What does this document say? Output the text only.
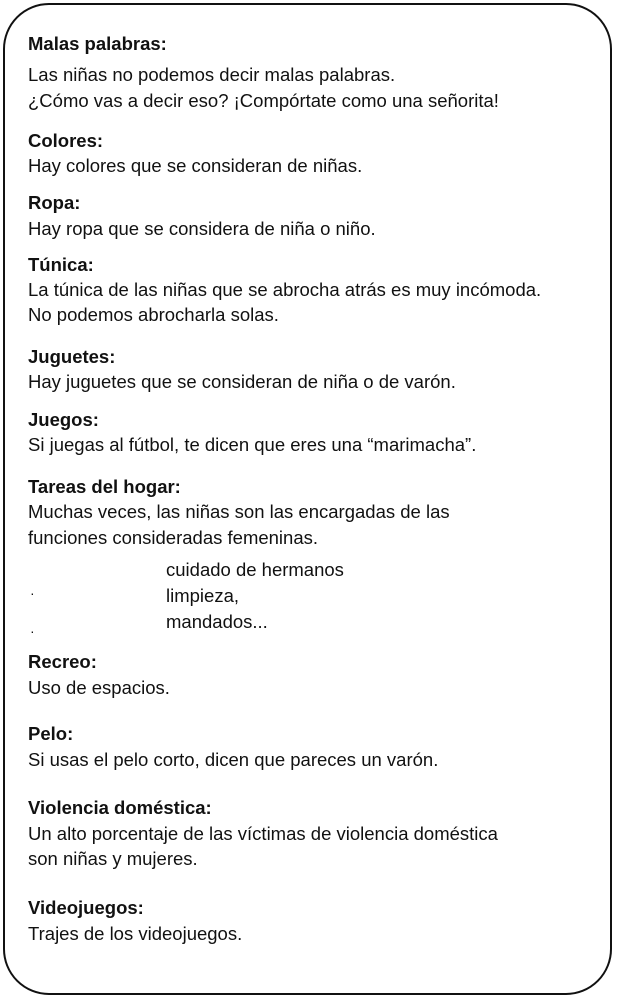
Malas palabras:
Las niñas no podemos decir malas palabras.
¿Cómo vas a decir eso? ¡Compórtate como una señorita!
Colores:
Hay colores que se consideran de niñas.
Ropa:
Hay ropa que se considera de niña o niño.
Túnica:
La túnica de las niñas que se abrocha atrás es muy incómoda.
No podemos abrocharla solas.
Juguetes:
Hay juguetes que se consideran de niña o de varón.
Juegos:
Si juegas al fútbol, te dicen que eres una “marimacha”.
Tareas del hogar:
Muchas veces, las niñas son las encargadas de las
funciones consideradas femeninas.
cuidado de hermanos
limpieza,
mandados...
·
·
Recreo:
Uso de espacios.
Pelo:
Si usas el pelo corto, dicen que pareces un varón.
Violencia doméstica:
Un alto porcentaje de las víctimas de violencia doméstica
son niñas y mujeres.
Videojuegos:
Trajes de los videojuegos.
